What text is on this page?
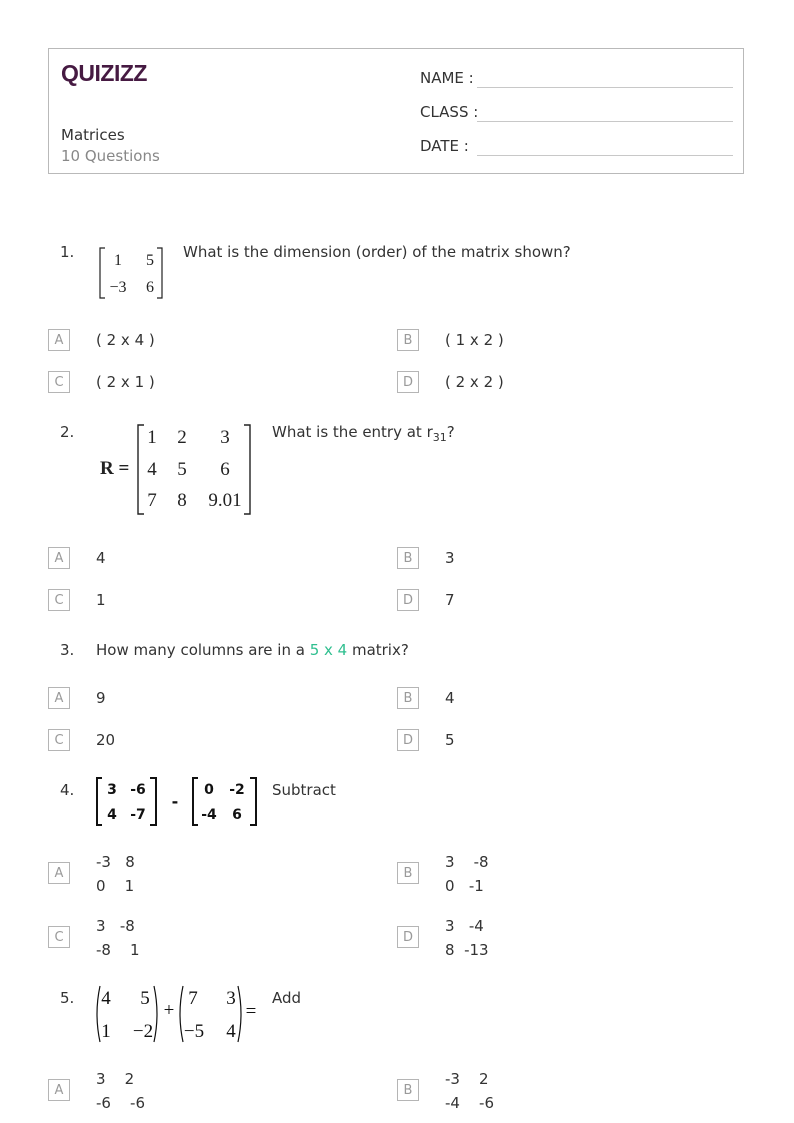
QUIZIZZ
Matrices
10 Questions
NAME :
CLASS :
DATE :
1. 1 5
−3 6
What is the dimension (order) of the matrix shown?
A	( 2 x 4 )	B	( 1 x 2 )
C	( 2 x 1 )	D	( 2 x 2 )
2.
R =
1 2 3
4 5 6
7 8 9.01
What is the entry at $r_{31}$?
A	4	B	3
C	1	D	7
3. How many columns are in a 5 x 4 matrix?
A	9	B	4
C	20	D	5
4. 3 -6
4 -7
-
0 -2
-4 6
Subtract
A
-3   8
0    1
B
3    -8
0   -1
C
3   -8
-8    1
D
3   -4
8  -13
5. 4 5
1 −2
+
7 3
−5 4
=
Add
A
3    2
-6    -6
B
-3    2
-4    -6
